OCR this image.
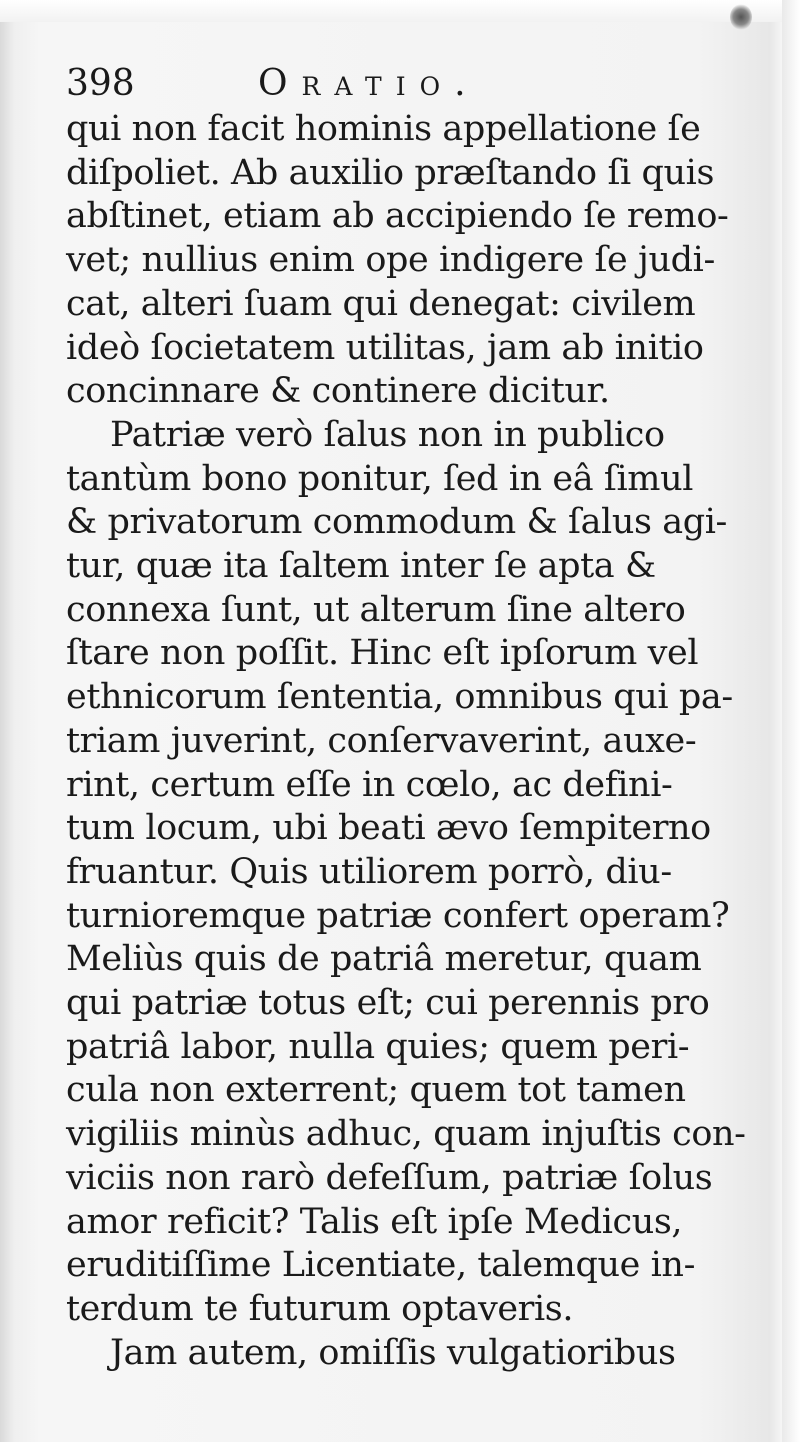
398	Oratio.
qui non facit hominis appellatione ſe
diſpoliet. Ab auxilio præſtando ſi quis
abſtinet, etiam ab accipiendo ſe remo-
vet; nullius enim ope indigere ſe judi-
cat, alteri ſuam qui denegat: civilem
ideò ſocietatem utilitas, jam ab initio
concinnare & continere dicitur.
Patriæ verò ſalus non in publico
tantùm bono ponitur, ſed in eâ ſimul
& privatorum commodum & ſalus agi-
tur, quæ ita ſaltem inter ſe apta &
connexa ſunt, ut alterum ſine altero
ſtare non poſſit. Hinc eſt ipſorum vel
ethnicorum ſententia, omnibus qui pa-
triam juverint, conſervaverint, auxe-
rint, certum eſſe in cœlo, ac defini-
tum locum, ubi beati ævo ſempiterno
fruantur. Quis utiliorem porrò, diu-
turnioremque patriæ confert operam?
Meliùs quis de patriâ meretur, quam
qui patriæ totus eſt; cui perennis pro
patriâ labor, nulla quies; quem peri-
cula non exterrent; quem tot tamen
vigiliis minùs adhuc, quam injuſtis con-
viciis non rarò defeſſum, patriæ ſolus
amor reficit? Talis eſt ipſe Medicus,
eruditiſſime Licentiate, talemque in-
terdum te futurum optaveris.
Jam autem, omiſſis vulgatioribus
